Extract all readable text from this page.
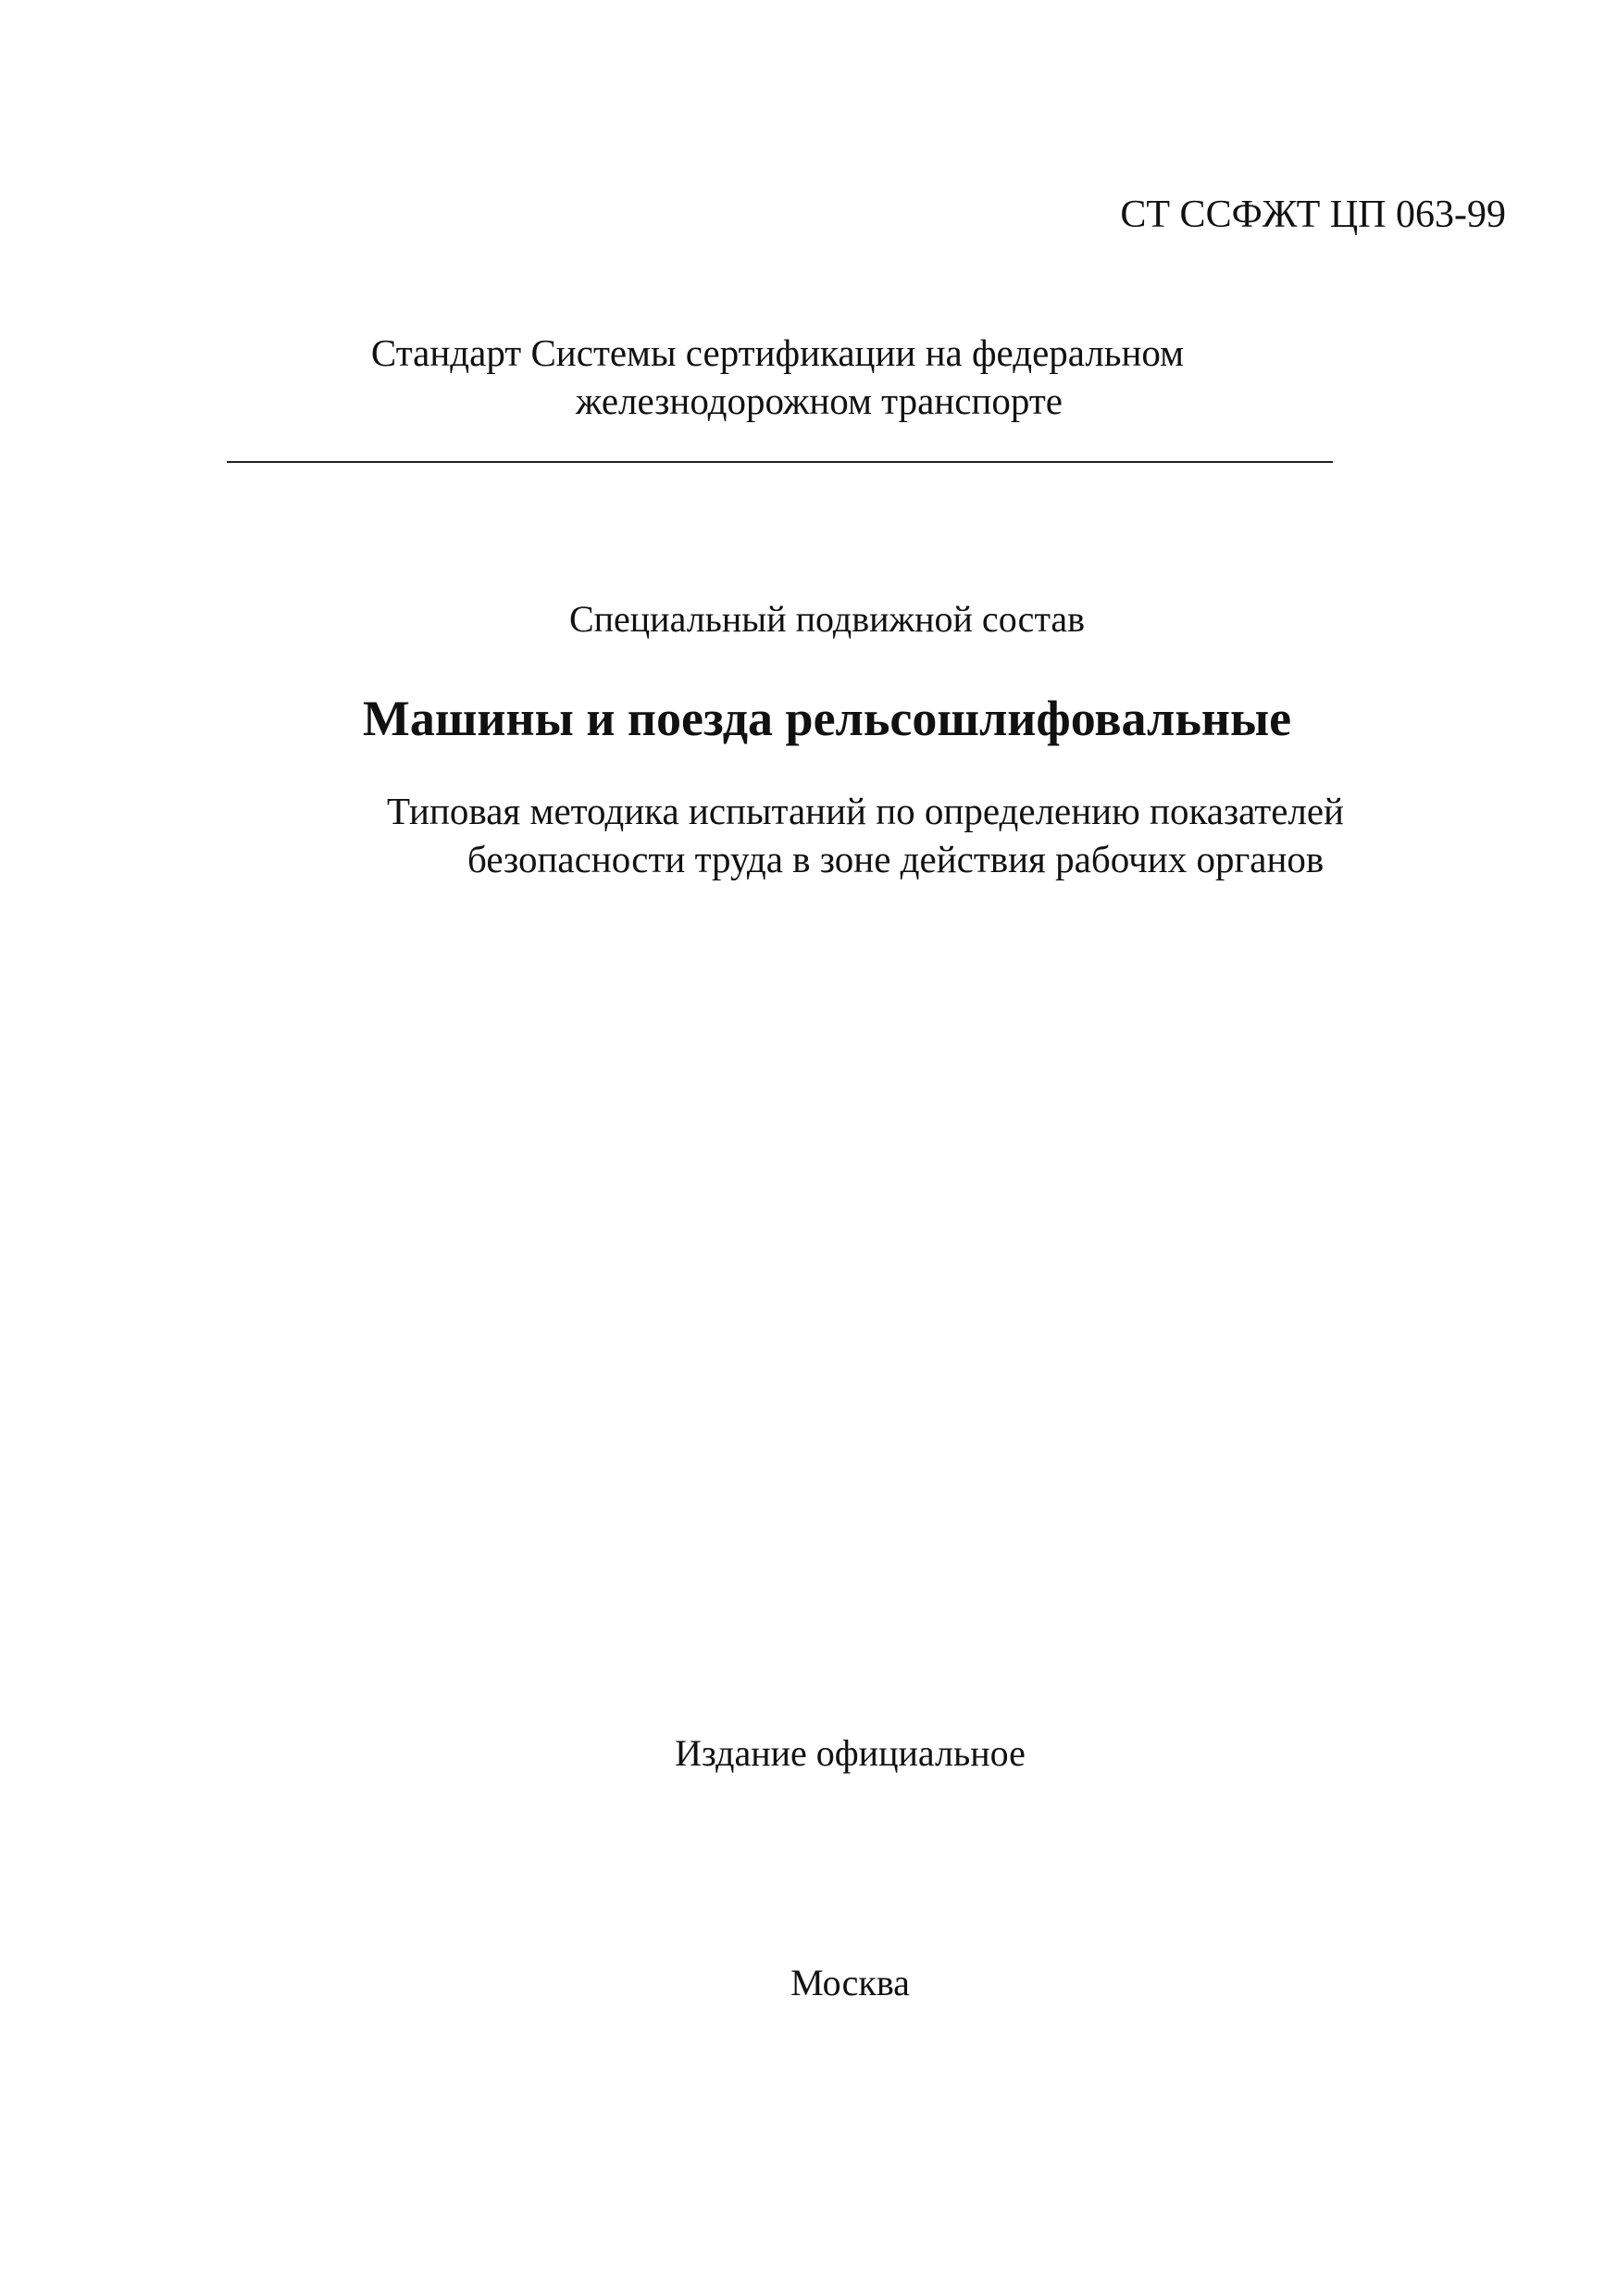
СТ ССФЖТ ЦП 063-99
Стандарт Системы сертификации на федеральном
железнодорожном транспорте
Специальный подвижной состав
Машины и поезда рельсошлифовальные
Типовая методика испытаний по определению показателей
безопасности труда в зоне действия рабочих органов
Издание официальное
Москва
